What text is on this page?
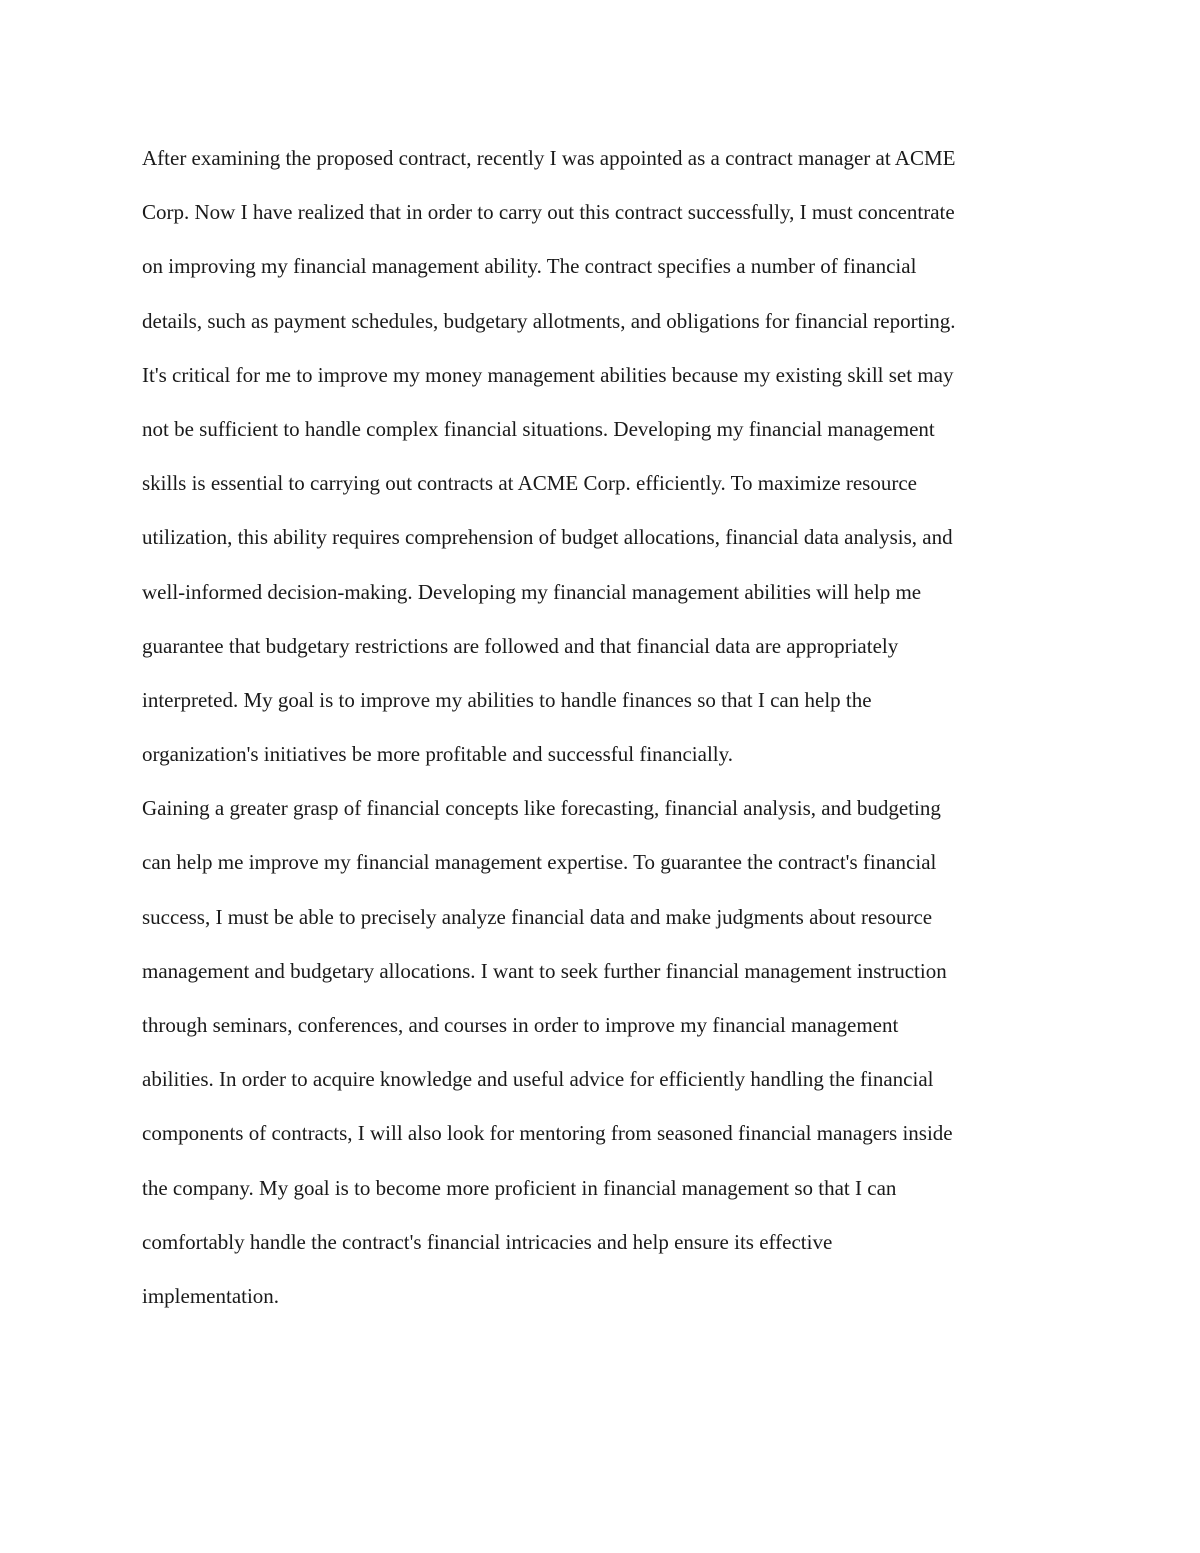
After examining the proposed contract, recently I was appointed as a contract manager at ACME
Corp. Now I have realized that in order to carry out this contract successfully, I must concentrate
on improving my financial management ability. The contract specifies a number of financial
details, such as payment schedules, budgetary allotments, and obligations for financial reporting.
It's critical for me to improve my money management abilities because my existing skill set may
not be sufficient to handle complex financial situations. Developing my financial management
skills is essential to carrying out contracts at ACME Corp. efficiently. To maximize resource
utilization, this ability requires comprehension of budget allocations, financial data analysis, and
well-informed decision-making. Developing my financial management abilities will help me
guarantee that budgetary restrictions are followed and that financial data are appropriately
interpreted. My goal is to improve my abilities to handle finances so that I can help the
organization's initiatives be more profitable and successful financially.
Gaining a greater grasp of financial concepts like forecasting, financial analysis, and budgeting
can help me improve my financial management expertise. To guarantee the contract's financial
success, I must be able to precisely analyze financial data and make judgments about resource
management and budgetary allocations. I want to seek further financial management instruction
through seminars, conferences, and courses in order to improve my financial management
abilities. In order to acquire knowledge and useful advice for efficiently handling the financial
components of contracts, I will also look for mentoring from seasoned financial managers inside
the company. My goal is to become more proficient in financial management so that I can
comfortably handle the contract's financial intricacies and help ensure its effective
implementation.
